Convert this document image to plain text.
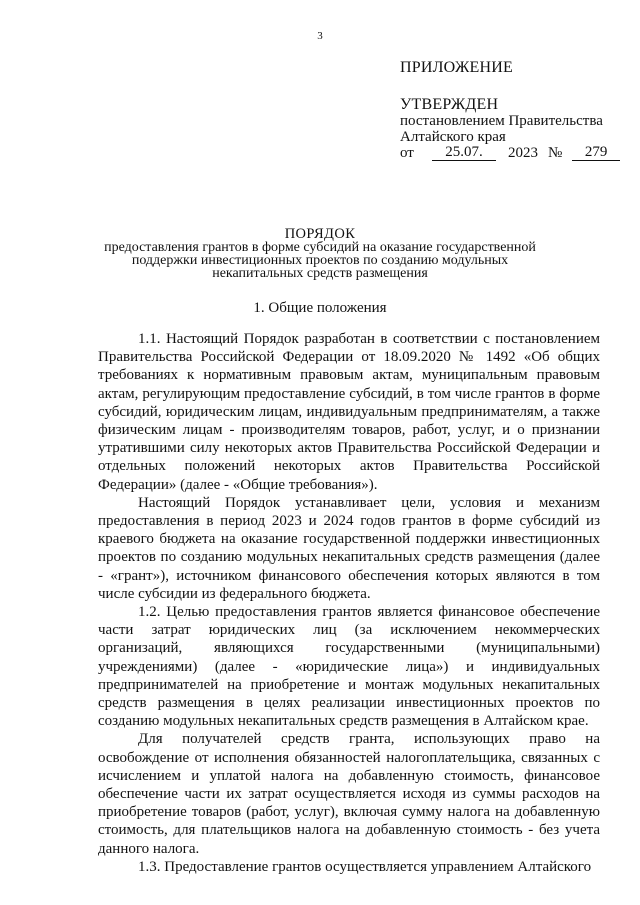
3
ПРИЛОЖЕНИЕ
УТВЕРЖДЕН
постановлением Правительства
Алтайского края
от	25.07.	2023 №	279
ПОРЯДОК
предоставления грантов в форме субсидий на оказание государственной
поддержки инвестиционных проектов по созданию модульных
некапитальных средств размещения
1. Общие положения

1.1. Настоящий Порядок разработан в соответствии с постановлением Правительства Российской Федерации от 18.09.2020 № 1492 «Об общих требованиях к нормативным правовым актам, муниципальным правовым актам, регулирующим предоставление субсидий, в том числе грантов в форме субсидий, юридическим лицам, индивидуальным предпринимателям, а также физическим лицам - производителям товаров, работ, услуг, и о признании утратившими силу некоторых актов Правительства Российской Федерации и отдельных положений некоторых актов Правительства Российской Федерации» (далее - «Общие требования»).

Настоящий Порядок устанавливает цели, условия и механизм предоставления в период 2023 и 2024 годов грантов в форме субсидий из краевого бюджета на оказание государственной поддержки инвестиционных проектов по созданию модульных некапитальных средств размещения (далее - «грант»), источником финансового обеспечения которых являются в том числе субсидии из федерального бюджета.

1.2. Целью предоставления грантов является финансовое обеспечение части затрат юридических лиц (за исключением некоммерческих организаций, являющихся государственными (муниципальными) учреждениями) (далее - «юридические лица») и индивидуальных предпринимателей на приобретение и монтаж модульных некапитальных средств размещения в целях реализации инвестиционных проектов по созданию модульных некапитальных средств размещения в Алтайском крае.

Для получателей средств гранта, использующих право на освобождение от исполнения обязанностей налогоплательщика, связанных с исчислением и уплатой налога на добавленную стоимость, финансовое обеспечение части их затрат осуществляется исходя из суммы расходов на приобретение товаров (работ, услуг), включая сумму налога на добавленную стоимость, для плательщиков налога на добавленную стоимость - без учета данного налога.

1.3. Предоставление грантов осуществляется управлением Алтайского
